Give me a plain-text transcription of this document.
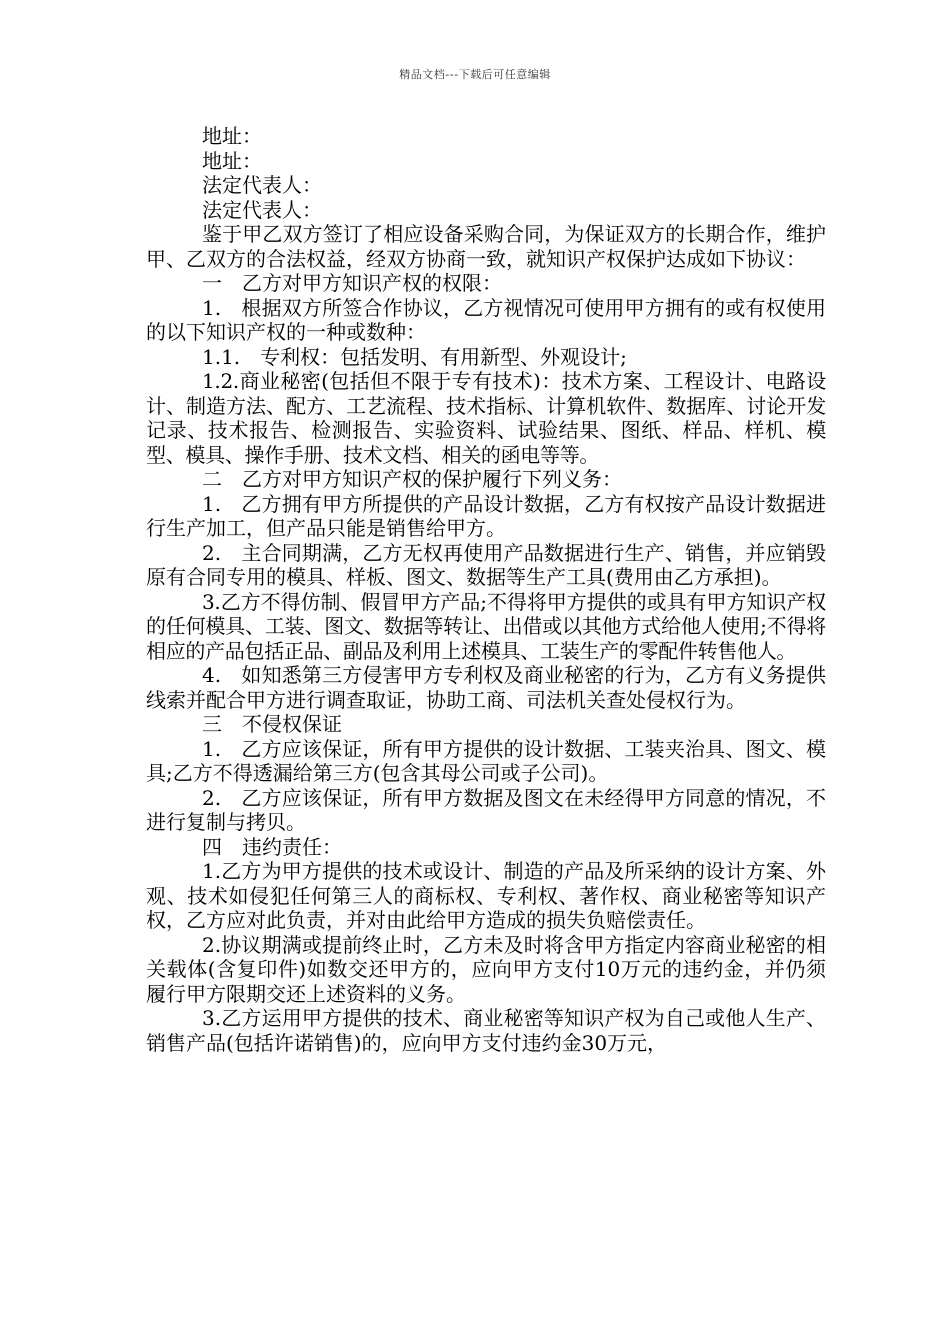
精品文档---下载后可任意编辑

地址：

地址：

法定代表人：

法定代表人：

鉴于甲乙双方签订了相应设备采购合同，为保证双方的长期合作，维护甲、乙双方的合法权益，经双方协商一致，就知识产权保护达成如下协议：

一　乙方对甲方知识产权的权限：

1.　根据双方所签合作协议，乙方视情况可使用甲方拥有的或有权使用的以下知识产权的一种或数种：

1.1.　专利权：包括发明、有用新型、外观设计;

1.2.商业秘密(包括但不限于专有技术)：技术方案、工程设计、电路设计、制造方法、配方、工艺流程、技术指标、计算机软件、数据库、讨论开发记录、技术报告、检测报告、实验资料、试验结果、图纸、样品、样机、模型、模具、操作手册、技术文档、相关的函电等等。

二　乙方对甲方知识产权的保护履行下列义务：

1.　乙方拥有甲方所提供的产品设计数据，乙方有权按产品设计数据进行生产加工，但产品只能是销售给甲方。

2.　主合同期满，乙方无权再使用产品数据进行生产、销售，并应销毁原有合同专用的模具、样板、图文、数据等生产工具(费用由乙方承担)。

3.乙方不得仿制、假冒甲方产品;不得将甲方提供的或具有甲方知识产权的任何模具、工装、图文、数据等转让、出借或以其他方式给他人使用;不得将相应的产品包括正品、副品及利用上述模具、工装生产的零配件转售他人。

4.　如知悉第三方侵害甲方专利权及商业秘密的行为，乙方有义务提供线索并配合甲方进行调查取证，协助工商、司法机关查处侵权行为。

三　不侵权保证

1.　乙方应该保证，所有甲方提供的设计数据、工装夹治具、图文、模具;乙方不得透漏给第三方(包含其母公司或子公司)。

2.　乙方应该保证，所有甲方数据及图文在未经得甲方同意的情况，不进行复制与拷贝。

四　违约责任：

1.乙方为甲方提供的技术或设计、制造的产品及所采纳的设计方案、外观、技术如侵犯任何第三人的商标权、专利权、著作权、商业秘密等知识产权，乙方应对此负责，并对由此给甲方造成的损失负赔偿责任。

2.协议期满或提前终止时，乙方未及时将含甲方指定内容商业秘密的相关载体(含复印件)如数交还甲方的，应向甲方支付10万元的违约金，并仍须履行甲方限期交还上述资料的义务。

3.乙方运用甲方提供的技术、商业秘密等知识产权为自己或他人生产、销售产品(包括许诺销售)的，应向甲方支付违约金30万元，
